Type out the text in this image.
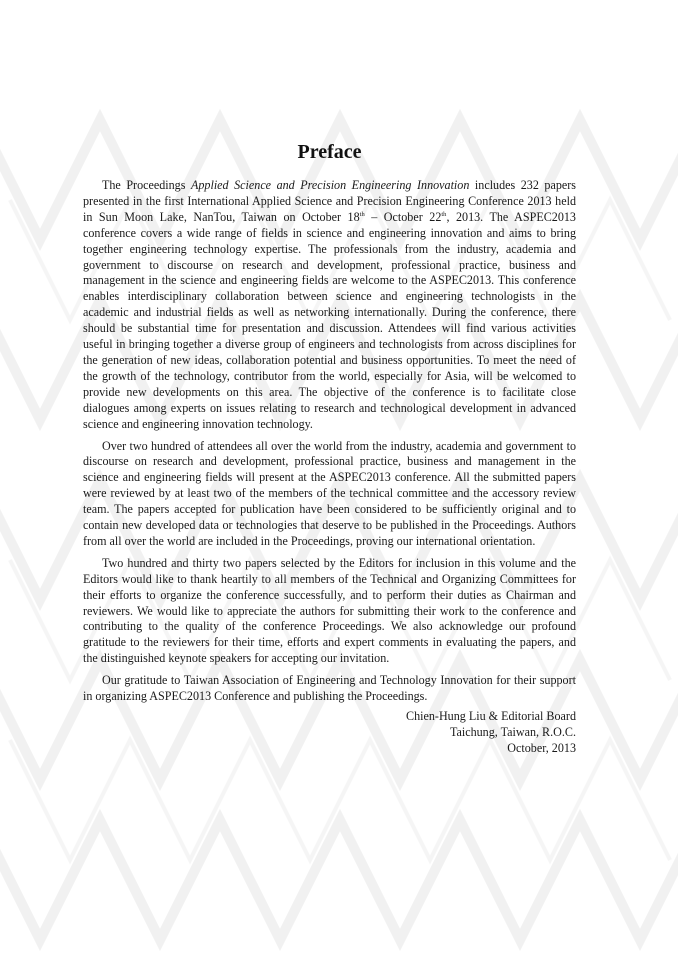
Preface

The Proceedings Applied Science and Precision Engineering Innovation includes 232 papers presented in the first International Applied Science and Precision Engineering Conference 2013 held in Sun Moon Lake, NanTou, Taiwan on October 18th – October 22th, 2013. The ASPEC2013 conference covers a wide range of fields in science and engineering innovation and aims to bring together engineering technology expertise. The professionals from the industry, academia and government to discourse on research and development, professional practice, business and management in the science and engineering fields are welcome to the ASPEC2013. This conference enables interdisciplinary collaboration between science and engineering technologists in the academic and industrial fields as well as networking internationally. During the conference, there should be substantial time for presentation and discussion. Attendees will find various activities useful in bringing together a diverse group of engineers and technologists from across disciplines for the generation of new ideas, collaboration potential and business opportunities. To meet the need of the growth of the technology, contributor from the world, especially for Asia, will be welcomed to provide new developments on this area. The objective of the conference is to facilitate close dialogues among experts on issues relating to research and technological development in advanced science and engineering innovation technology.

Over two hundred of attendees all over the world from the industry, academia and government to discourse on research and development, professional practice, business and management in the science and engineering fields will present at the ASPEC2013 conference. All the submitted papers were reviewed by at least two of the members of the technical committee and the accessory review team. The papers accepted for publication have been considered to be sufficiently original and to contain new developed data or technologies that deserve to be published in the Proceedings. Authors from all over the world are included in the Proceedings, proving our international orientation.

Two hundred and thirty two papers selected by the Editors for inclusion in this volume and the Editors would like to thank heartily to all members of the Technical and Organizing Committees for their efforts to organize the conference successfully, and to perform their duties as Chairman and reviewers. We would like to appreciate the authors for submitting their work to the conference and contributing to the quality of the conference Proceedings. We also acknowledge our profound gratitude to the reviewers for their time, efforts and expert comments in evaluating the papers, and the distinguished keynote speakers for accepting our invitation.

Our gratitude to Taiwan Association of Engineering and Technology Innovation for their support in organizing ASPEC2013 Conference and publishing the Proceedings.

Chien-Hung Liu & Editorial Board
Taichung, Taiwan, R.O.C.
October, 2013
